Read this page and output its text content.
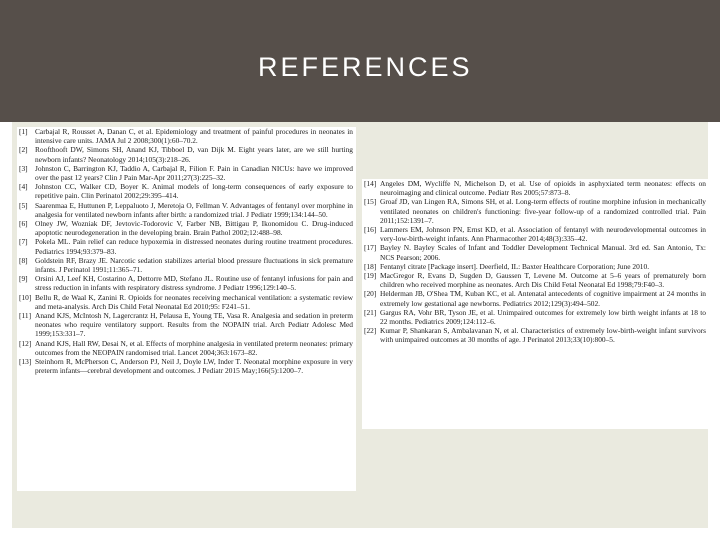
REFERENCES
[1] Carbajal R, Rousset A, Danan C, et al. Epidemiology and treatment of painful procedures in neonates in intensive care units. JAMA Jul 2 2008;300(1):60–70.2.
[2] Roofthooft DW, Simons SH, Anand KJ, Tibboel D, van Dijk M. Eight years later, are we still hurting newborn infants? Neonatology 2014;105(3):218–26.
[3] Johnston C, Barrington KJ, Taddio A, Carbajal R, Filion F. Pain in Canadian NICUs: have we improved over the past 12 years? Clin J Pain Mar-Apr 2011;27(3):225–32.
[4] Johnston CC, Walker CD, Boyer K. Animal models of long-term consequences of early exposure to repetitive pain. Clin Perinatol 2002;29:395–414.
[5] Saarenmaa E, Huttunen P, Leppaluoto J, Meretoja O, Fellman V. Advantages of fentanyl over morphine in analgesia for ventilated newborn infants after birth: a randomized trial. J Pediatr 1999;134:144–50.
[6] Olney JW, Wozniak DF, Jevtovic-Todorovic V, Farber NB, Bittigau P, Ikonomidou C. Drug-induced apoptotic neurodegeneration in the developing brain. Brain Pathol 2002;12:488–98.
[7] Pokela ML. Pain relief can reduce hypoxemia in distressed neonates during routine treatment procedures. Pediatrics 1994;93:379–83.
[8] Goldstein RF, Brazy JE. Narcotic sedation stabilizes arterial blood pressure fluctuations in sick premature infants. J Perinatol 1991;11:365–71.
[9] Orsini AJ, Leef KH, Costarino A, Dettorre MD, Stefano JL. Routine use of fentanyl infusions for pain and stress reduction in infants with respiratory distress syndrome. J Pediatr 1996;129:140–5.
[10] Bellu R, de Waal K, Zanini R. Opioids for neonates receiving mechanical ventilation: a systematic review and meta-analysis. Arch Dis Child Fetal Neonatal Ed 2010;95: F241–51.
[11] Anand KJS, McIntosh N, Lagercrantz H, Pelausa E, Young TE, Vasa R. Analgesia and sedation in preterm neonates who require ventilatory support. Results from the NOPAIN trial. Arch Pediatr Adolesc Med 1999;153:331–7.
[12] Anand KJS, Hall RW, Desai N, et al. Effects of morphine analgesia in ventilated preterm neonates: primary outcomes from the NEOPAIN randomised trial. Lancet 2004;363:1673–82.
[13] Steinhorn R, McPherson C, Anderson PJ, Neil J, Doyle LW, Inder T. Neonatal morphine exposure in very preterm infants—cerebral development and outcomes. J Pediatr 2015 May;166(5):1200–7.
[14] Angeles DM, Wycliffe N, Michelson D, et al. Use of opioids in asphyxiated term neonates: effects on neuroimaging and clinical outcome. Pediatr Res 2005;57:873–8.
[15] Groaf JD, van Lingen RA, Simons SH, et al. Long-term effects of routine morphine infusion in mechanically ventilated neonates on children's functioning: five-year follow-up of a randomized controlled trial. Pain 2011;152:1391–7.
[16] Lammers EM, Johnson PN, Ernst KD, et al. Association of fentanyl with neurodevelopmental outcomes in very-low-birth-weight infants. Ann Pharmacother 2014;48(3):335–42.
[17] Bayley N. Bayley Scales of Infant and Toddler Development Technical Manual. 3rd ed. San Antonio, Tx: NCS Pearson; 2006.
[18] Fentanyl citrate [Package insert]. Deerfield, IL: Baxter Healthcare Corporation; June 2010.
[19] MacGregor R, Evans D, Sugden D, Gaussen T, Levene M. Outcome at 5–6 years of prematurely born children who received morphine as neonates. Arch Dis Child Fetal Neonatal Ed 1998;79:F40–3.
[20] Helderman JB, O'Shea TM, Kuban KC, et al. Antenatal antecedents of cognitive impairment at 24 months in extremely low gestational age newborns. Pediatrics 2012;129(3):494–502.
[21] Gargus RA, Vohr BR, Tyson JE, et al. Unimpaired outcomes for extremely low birth weight infants at 18 to 22 months. Pediatrics 2009;124:112–6.
[22] Kumar P, Shankaran S, Ambalavanan N, et al. Characteristics of extremely low-birth-weight infant survivors with unimpaired outcomes at 30 months of age. J Perinatol 2013;33(10):800–5.
